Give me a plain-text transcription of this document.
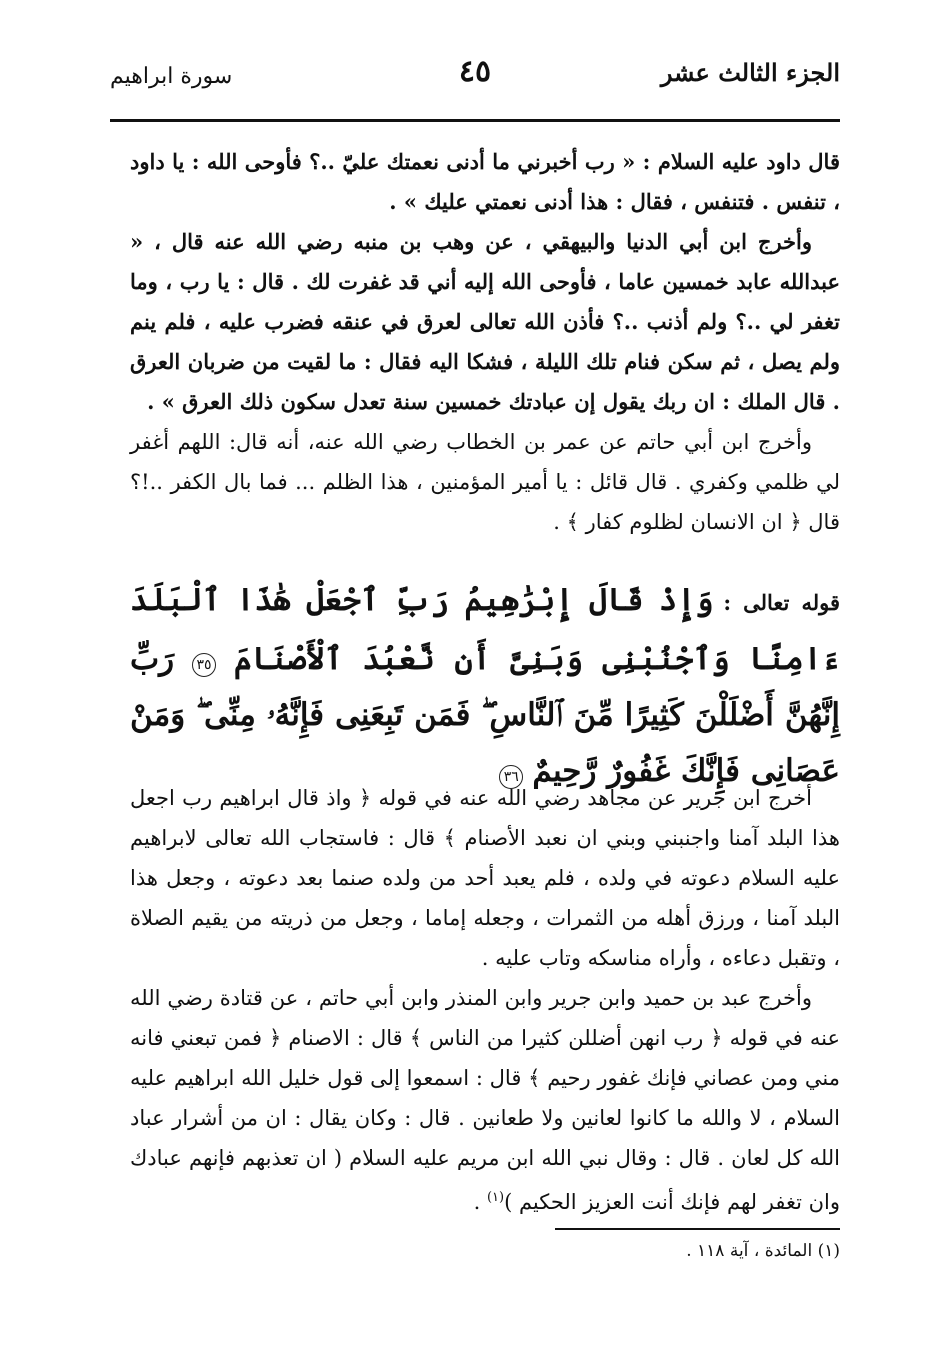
الجزء الثالث عشر
٤٥
سورة ابراهيم

قال داود عليه السلام : « رب أخبرني ما أدنى نعمتك عليّ ..؟ فأوحى الله : يا داود ، تنفس . فتنفس ، فقال : هذا أدنى نعمتي عليك » .

وأخرج ابن أبي الدنيا والبيهقي ، عن وهب بن منبه رضي الله عنه قال ، « عبدالله عابد خمسين عاما ، فأوحى الله إليه أني قد غفرت لك . قال : يا رب ، وما تغفر لي ..؟ ولم أذنب ..؟ فأذن الله تعالى لعرق في عنقه فضرب عليه ، فلم ينم ولم يصل ، ثم سكن فنام تلك الليلة ، فشكا اليه فقال : ما لقيت من ضربان العرق . قال الملك : ان ربك يقول إن عبادتك خمسين سنة تعدل سكون ذلك العرق » .

وأخرج ابن أبي حاتم عن عمر بن الخطاب رضي الله عنه، أنه قال: اللهم أغفر لي ظلمي وكفري . قال قائل : يا أمير المؤمنين ، هذا الظلم ... فما بال الكفر ..!؟ قال ﴿ ان الانسان لظلوم كفار ﴾ .

قوله تعالى : وَإِذْ قَالَ إِبْرَٰهِيمُ رَبِّ ٱجْعَلْ هَٰذَا ٱلْبَلَدَ ءَامِنًا وَٱجْنُبْنِى وَبَنِىَّ أَن نَّعْبُدَ ٱلْأَصْنَامَ ٣٥ رَبِّ إِنَّهُنَّ أَضْلَلْنَ كَثِيرًا مِّنَ ٱلنَّاسِ ۖ فَمَن تَبِعَنِى فَإِنَّهُۥ مِنِّى ۖ وَمَنْ عَصَانِى فَإِنَّكَ غَفُورٌ رَّحِيمٌ ٣٦

أخرج ابن جرير عن مجاهد رضي الله عنه في قوله ﴿ واذ قال ابراهيم رب اجعل هذا البلد آمنا واجنبني وبني ان نعبد الأصنام ﴾ قال : فاستجاب الله تعالى لابراهيم عليه السلام دعوته في ولده ، فلم يعبد أحد من ولده صنما بعد دعوته ، وجعل هذا البلد آمنا ، ورزق أهله من الثمرات ، وجعله إماما ، وجعل من ذريته من يقيم الصلاة ، وتقبل دعاءه ، وأراه مناسكه وتاب عليه .

وأخرج عبد بن حميد وابن جرير وابن المنذر وابن أبي حاتم ، عن قتادة رضي الله عنه في قوله ﴿ رب انهن أضللن كثيرا من الناس ﴾ قال : الاصنام ﴿ فمن تبعني فانه مني ومن عصاني فإنك غفور رحيم ﴾ قال : اسمعوا إلى قول خليل الله ابراهيم عليه السلام ، لا والله ما كانوا لعانين ولا طعانين . قال : وكان يقال : ان من أشرار عباد الله كل لعان . قال : وقال نبي الله ابن مريم عليه السلام ( ان تعذبهم فإنهم عبادك وان تغفر لهم فإنك أنت العزيز الحكيم )$^{(١)}$ .

(١) المائدة ، آية ١١٨ .
